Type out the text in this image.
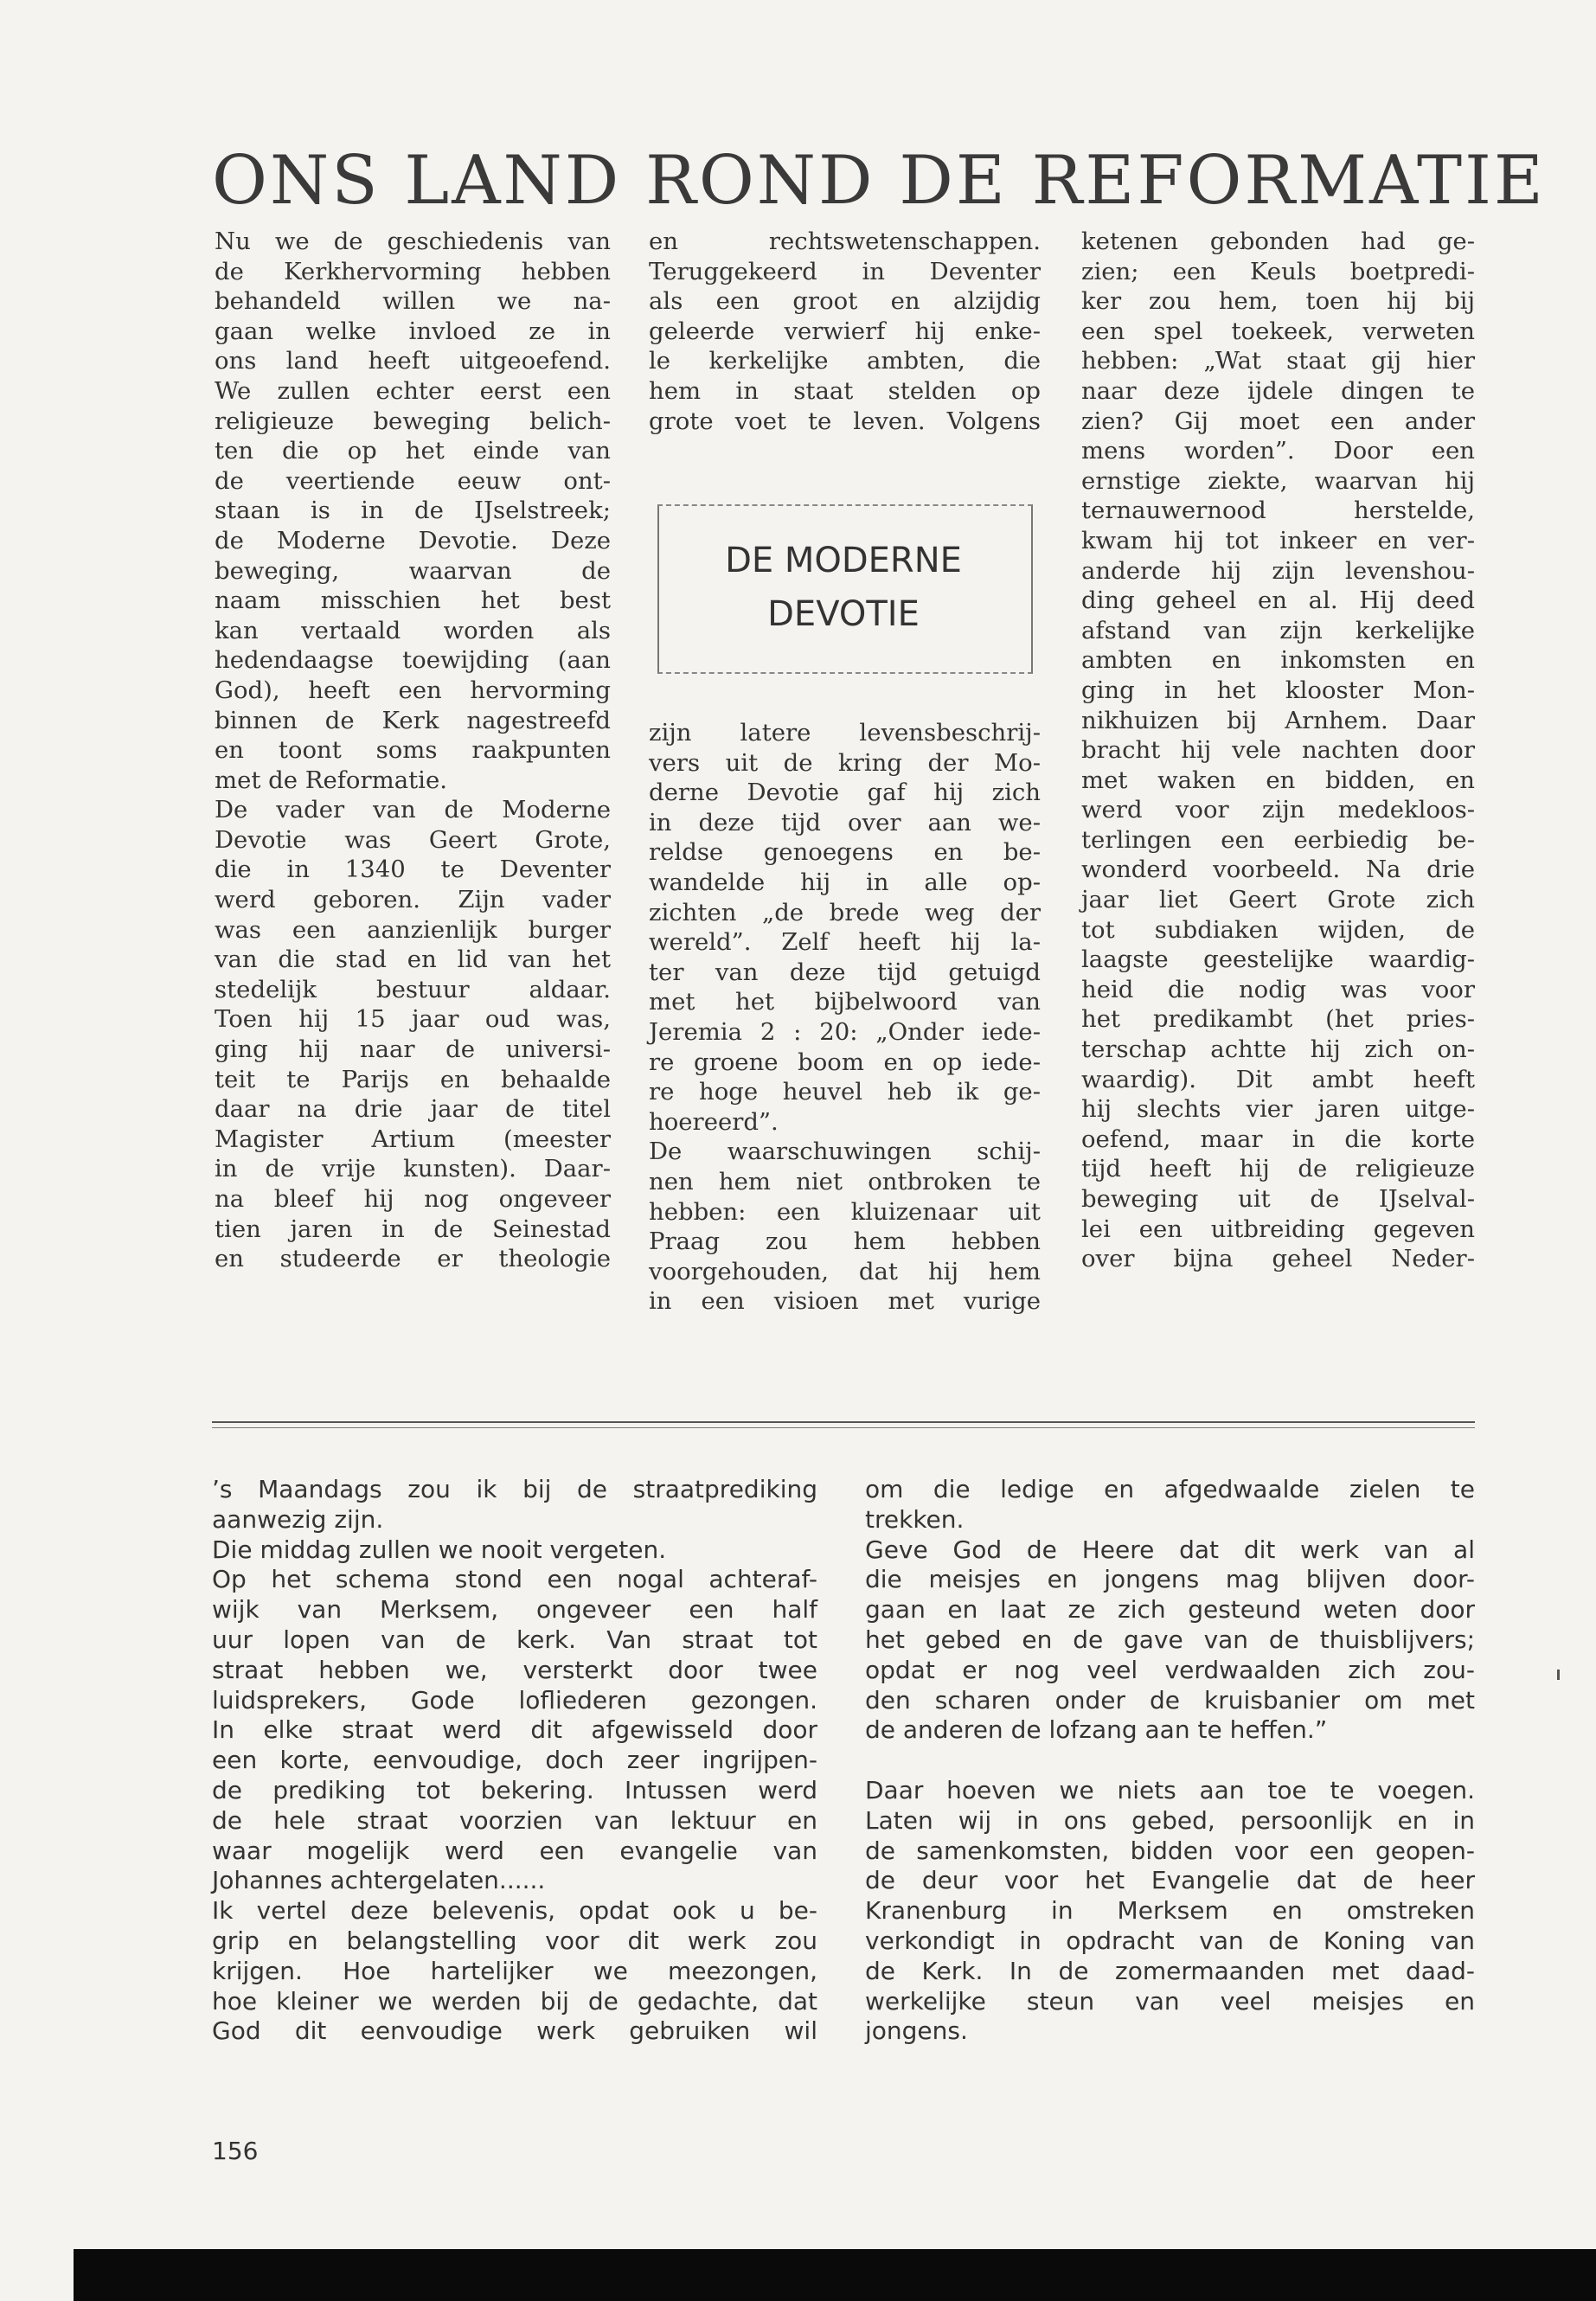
ONS LAND ROND DE REFORMATIE
Nu we de geschiedenis van
de Kerkhervorming hebben
behandeld willen we na-
gaan welke invloed ze in
ons land heeft uitgeoefend.
We zullen echter eerst een
religieuze beweging belich-
ten die op het einde van
de veertiende eeuw ont-
staan is in de IJselstreek;
de Moderne Devotie. Deze
beweging, waarvan de
naam misschien het best
kan vertaald worden als
hedendaagse toewijding (aan
God), heeft een hervorming
binnen de Kerk nagestreefd
en toont soms raakpunten
met de Reformatie.
De vader van de Moderne
Devotie was Geert Grote,
die in 1340 te Deventer
werd geboren. Zijn vader
was een aanzienlijk burger
van die stad en lid van het
stedelijk bestuur aldaar.
Toen hij 15 jaar oud was,
ging hij naar de universi-
teit te Parijs en behaalde
daar na drie jaar de titel
Magister Artium (meester
in de vrije kunsten). Daar-
na bleef hij nog ongeveer
tien jaren in de Seinestad
en studeerde er theologie
en rechtswetenschappen.
Teruggekeerd in Deventer
als een groot en alzijdig
geleerde verwierf hij enke-
le kerkelijke ambten, die
hem in staat stelden op
grote voet te leven. Volgens
DE MODERNE
DEVOTIE
zijn latere levensbeschrij-
vers uit de kring der Mo-
derne Devotie gaf hij zich
in deze tijd over aan we-
reldse genoegens en be-
wandelde hij in alle op-
zichten „de brede weg der
wereld”. Zelf heeft hij la-
ter van deze tijd getuigd
met het bijbelwoord van
Jeremia 2 : 20: „Onder iede-
re groene boom en op iede-
re hoge heuvel heb ik ge-
hoereerd”.
De waarschuwingen schij-
nen hem niet ontbroken te
hebben: een kluizenaar uit
Praag zou hem hebben
voorgehouden, dat hij hem
in een visioen met vurige
ketenen gebonden had ge-
zien; een Keuls boetpredi-
ker zou hem, toen hij bij
een spel toekeek, verweten
hebben: „Wat staat gij hier
naar deze ijdele dingen te
zien? Gij moet een ander
mens worden”. Door een
ernstige ziekte, waarvan hij
ternauwernood herstelde,
kwam hij tot inkeer en ver-
anderde hij zijn levenshou-
ding geheel en al. Hij deed
afstand van zijn kerkelijke
ambten en inkomsten en
ging in het klooster Mon-
nikhuizen bij Arnhem. Daar
bracht hij vele nachten door
met waken en bidden, en
werd voor zijn medekloos-
terlingen een eerbiedig be-
wonderd voorbeeld. Na drie
jaar liet Geert Grote zich
tot subdiaken wijden, de
laagste geestelijke waardig-
heid die nodig was voor
het predikambt (het pries-
terschap achtte hij zich on-
waardig). Dit ambt heeft
hij slechts vier jaren uitge-
oefend, maar in die korte
tijd heeft hij de religieuze
beweging uit de IJselval-
lei een uitbreiding gegeven
over bijna geheel Neder-
’s Maandags zou ik bij de straatprediking
aanwezig zijn.
Die middag zullen we nooit vergeten.
Op het schema stond een nogal achteraf-
wijk van Merksem, ongeveer een half
uur lopen van de kerk. Van straat tot
straat hebben we, versterkt door twee
luidsprekers, Gode lofliederen gezongen.
In elke straat werd dit afgewisseld door
een korte, eenvoudige, doch zeer ingrijpen-
de prediking tot bekering. Intussen werd
de hele straat voorzien van lektuur en
waar mogelijk werd een evangelie van
Johannes achtergelaten......
Ik vertel deze belevenis, opdat ook u be-
grip en belangstelling voor dit werk zou
krijgen. Hoe hartelijker we meezongen,
hoe kleiner we werden bij de gedachte, dat
God dit eenvoudige werk gebruiken wil
om die ledige en afgedwaalde zielen te
trekken.
Geve God de Heere dat dit werk van al
die meisjes en jongens mag blijven door-
gaan en laat ze zich gesteund weten door
het gebed en de gave van de thuisblijvers;
opdat er nog veel verdwaalden zich zou-
den scharen onder de kruisbanier om met
de anderen de lofzang aan te heffen.”
Daar hoeven we niets aan toe te voegen.
Laten wij in ons gebed, persoonlijk en in
de samenkomsten, bidden voor een geopen-
de deur voor het Evangelie dat de heer
Kranenburg in Merksem en omstreken
verkondigt in opdracht van de Koning van
de Kerk. In de zomermaanden met daad-
werkelijke steun van veel meisjes en
jongens.
156
